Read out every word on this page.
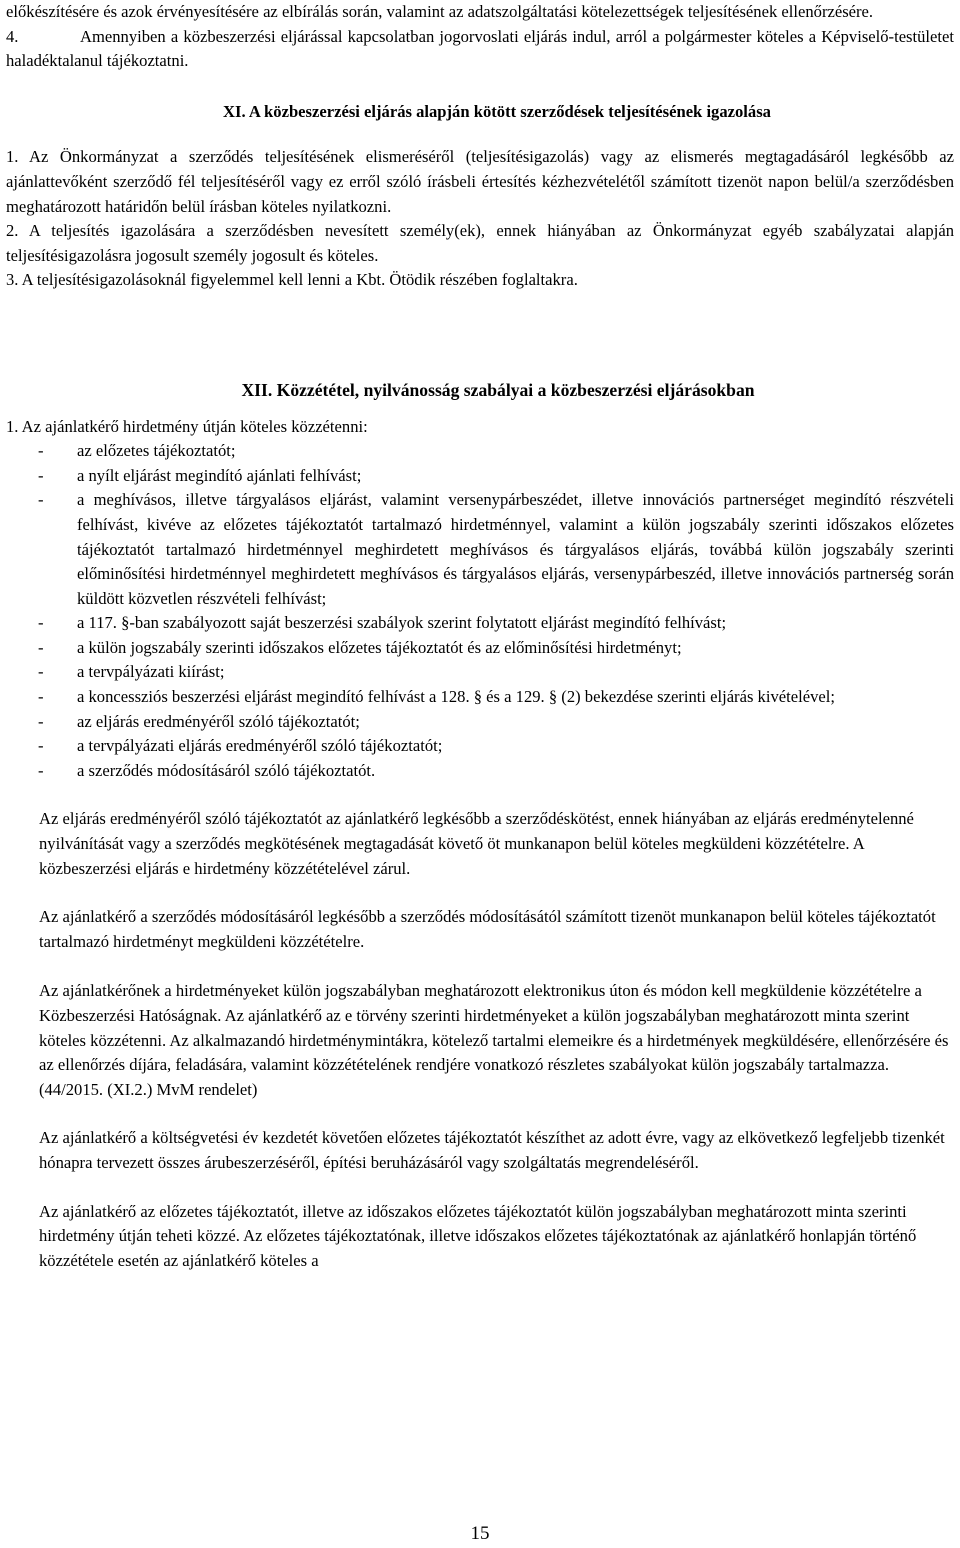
előkészítésére és azok érvényesítésére az elbírálás során, valamint az adatszolgáltatási kötelezettségek teljesítésének ellenőrzésére.

4.	Amennyiben a közbeszerzési eljárással kapcsolatban jogorvoslati eljárás indul, arról a polgármester köteles a Képviselő-testületet haladéktalanul tájékoztatni.

XI. A közbeszerzési eljárás alapján kötött szerződések teljesítésének igazolása

1. Az Önkormányzat a szerződés teljesítésének elismeréséről (teljesítésigazolás) vagy az elismerés megtagadásáról legkésőbb az ajánlattevőként szerződő fél teljesítéséről vagy ez erről szóló írásbeli értesítés kézhezvételétől számított tizenöt napon belül/a szerződésben meghatározott határidőn belül írásban köteles nyilatkozni.

2. A teljesítés igazolására a szerződésben nevesített személy(ek), ennek hiányában az Önkormányzat egyéb szabályzatai alapján teljesítésigazolásra jogosult személy jogosult és köteles.

3. A teljesítésigazolásoknál figyelemmel kell lenni a Kbt. Ötödik részében foglaltakra.

XII. Közzététel, nyilvánosság szabályai a közbeszerzési eljárásokban

1. Az ajánlatkérő hirdetmény útján köteles közzétenni:

- az előzetes tájékoztatót;
- a nyílt eljárást megindító ajánlati felhívást;
- a meghívásos, illetve tárgyalásos eljárást, valamint versenypárbeszédet, illetve innovációs partnerséget megindító részvételi felhívást, kivéve az előzetes tájékoztatót tartalmazó hirdetménnyel, valamint a külön jogszabály szerinti időszakos előzetes tájékoztatót tartalmazó hirdetménnyel meghirdetett meghívásos és tárgyalásos eljárás, továbbá külön jogszabály szerinti előminősítési hirdetménnyel meghirdetett meghívásos és tárgyalásos eljárás, versenypárbeszéd, illetve innovációs partnerség során küldött közvetlen részvételi felhívást;
- a 117. §-ban szabályozott saját beszerzési szabályok szerint folytatott eljárást megindító felhívást;
- a külön jogszabály szerinti időszakos előzetes tájékoztatót és az előminősítési hirdetményt;
- a tervpályázati kiírást;
- a koncessziós beszerzési eljárást megindító felhívást a 128. § és a 129. § (2) bekezdése szerinti eljárás kivételével;
- az eljárás eredményéről szóló tájékoztatót;
- a tervpályázati eljárás eredményéről szóló tájékoztatót;
- a szerződés módosításáról szóló tájékoztatót.

Az eljárás eredményéről szóló tájékoztatót az ajánlatkérő legkésőbb a szerződéskötést, ennek hiányában az eljárás eredménytelenné nyilvánítását vagy a szerződés megkötésének megtagadását követő öt munkanapon belül köteles megküldeni közzétételre. A közbeszerzési eljárás e hirdetmény közzétételével zárul.

Az ajánlatkérő a szerződés módosításáról legkésőbb a szerződés módosításától számított tizenöt munkanapon belül köteles tájékoztatót tartalmazó hirdetményt megküldeni közzétételre.

Az ajánlatkérőnek a hirdetményeket külön jogszabályban meghatározott elektronikus úton és módon kell megküldenie közzétételre a Közbeszerzési Hatóságnak. Az ajánlatkérő az e törvény szerinti hirdetményeket a külön jogszabályban meghatározott minta szerint köteles közzétenni. Az alkalmazandó hirdetménymintákra, kötelező tartalmi elemeikre és a hirdetmények megküldésére, ellenőrzésére és az ellenőrzés díjára, feladására, valamint közzétételének rendjére vonatkozó részletes szabályokat külön jogszabály tartalmazza. (44/2015. (XI.2.) MvM rendelet)

Az ajánlatkérő a költségvetési év kezdetét követően előzetes tájékoztatót készíthet az adott évre, vagy az elkövetkező legfeljebb tizenkét hónapra tervezett összes árubeszerzéséről, építési beruházásáról vagy szolgáltatás megrendeléséről.

Az ajánlatkérő az előzetes tájékoztatót, illetve az időszakos előzetes tájékoztatót külön jogszabályban meghatározott minta szerinti hirdetmény útján teheti közzé. Az előzetes tájékoztatónak, illetve időszakos előzetes tájékoztatónak az ajánlatkérő honlapján történő közzététele esetén az ajánlatkérő köteles a

15
